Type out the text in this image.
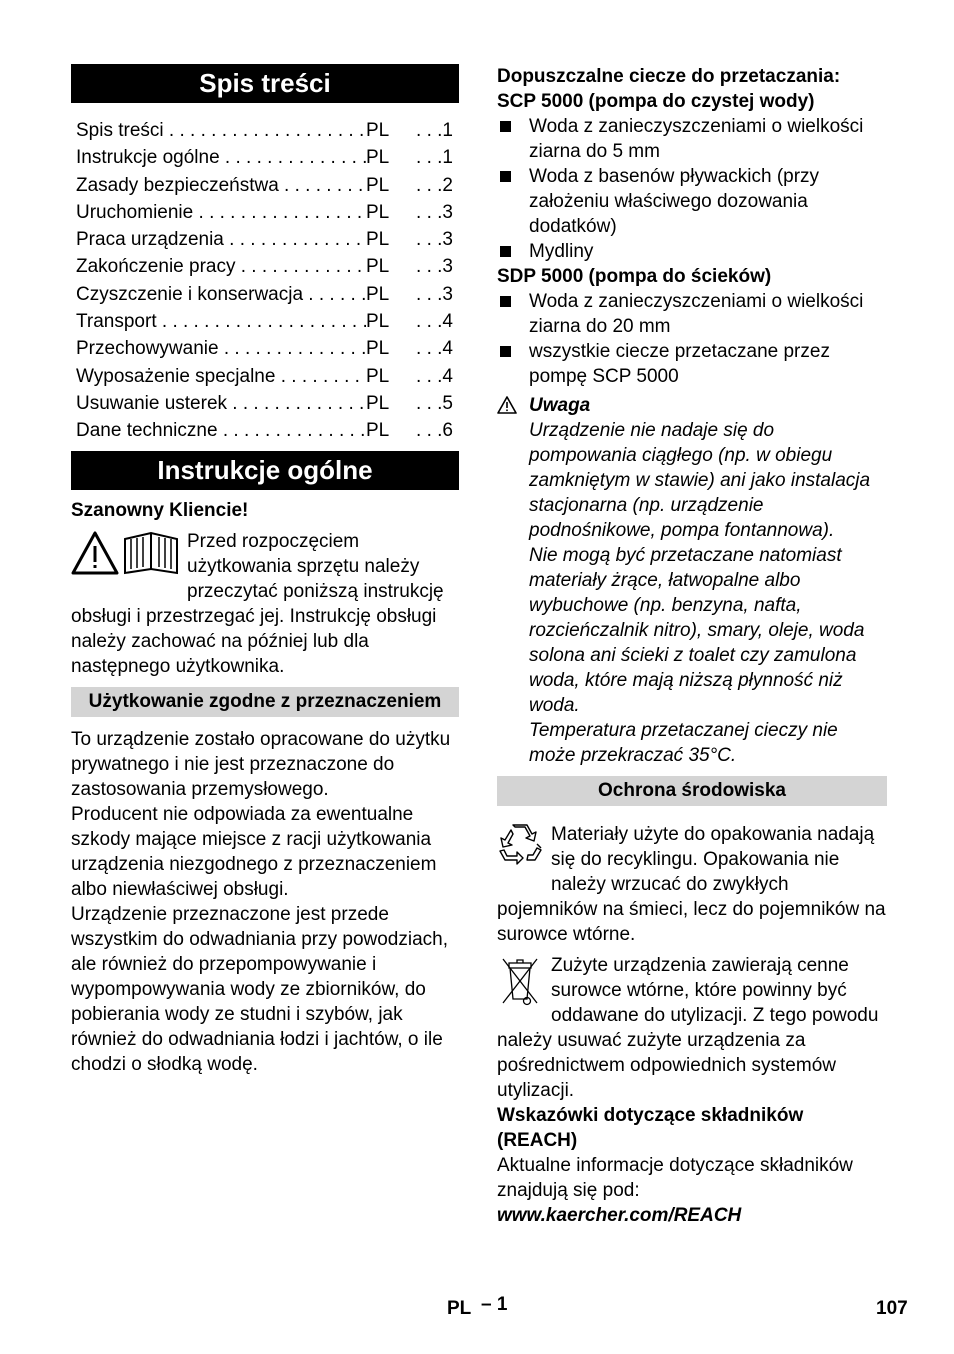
Spis treści
Spis treści . . .	PL	. . . 1
Instrukcje ogólne . . .	PL	. . . 1
Zasady bezpieczeństwa . . .	PL	. . . 2
Uruchomienie . . .	PL	. . . 3
Praca urządzenia . . .	PL	. . . 3
Zakończenie pracy . . .	PL	. . . 3
Czyszczenie i konserwacja . . .	PL	. . . 3
Transport . . .	PL	. . . 4
Przechowywanie . . .	PL	. . . 4
Wyposażenie specjalne . . .	PL	. . . 4
Usuwanie usterek . . .	PL	. . . 5
Dane techniczne . . .	PL	. . . 6
Instrukcje ogólne

Szanowny Kliencie!

Przed rozpoczęciem użytkowania sprzętu należy przeczytać poniższą instrukcję obsługi i przestrzegać jej. Instrukcję obsługi należy zachować na później lub dla następnego użytkownika.

Użytkowanie zgodne z przeznaczeniem

To urządzenie zostało opracowane do użytku prywatnego i nie jest przeznaczone do zastosowania przemysłowego.

Producent nie odpowiada za ewentualne szkody mające miejsce z racji użytkowania urządzenia niezgodnego z przeznaczeniem albo niewłaściwej obsługi.

Urządzenie przeznaczone jest przede wszystkim do odwadniania przy powodziach, ale również do przepompowywanie i wypompowywania wody ze zbiorników, do pobierania wody ze studni i szybów, jak również do odwadniania łodzi i jachtów, o ile chodzi o słodką wodę.

Dopuszczalne ciecze do przetaczania:

SCP 5000 (pompa do czystej wody)

Woda z zanieczyszczeniami o wielkości ziarna do 5 mm
Woda z basenów pływackich (przy założeniu właściwego dozowania dodatków)
Mydliny

SDP 5000 (pompa do ścieków)

Woda z zanieczyszczeniami o wielkości ziarna do 20 mm
wszystkie ciecze przetaczane przez pompę SCP 5000

Uwaga

Urządzenie nie nadaje się do pompowania ciągłego (np. w obiegu zamkniętym w stawie) ani jako instalacja stacjonarna (np. urządzenie podnośnikowe, pompa fontannowa).

Nie mogą być przetaczane natomiast materiały żrące, łatwopalne albo wybuchowe (np. benzyna, nafta, rozcieńczalnik nitro), smary, oleje, woda solona ani ścieki z toalet czy zamulona woda, które mają niższą płynność niż woda.

Temperatura przetaczanej cieczy nie może przekraczać 35°C.

Ochrona środowiska

Materiały użyte do opakowania nadają się do recyklingu. Opakowania nie należy wrzucać do zwykłych pojemników na śmieci, lecz do pojemników na surowce wtórne.

Zużyte urządzenia zawierają cenne surowce wtórne, które powinny być oddawane do utylizacji. Z tego powodu należy usuwać zużyte urządzenia za pośrednictwem odpowiednich systemów utylizacji.

Wskazówki dotyczące składników (REACH)

Aktualne informacje dotyczące składników znajdują się pod:

www.kaercher.com/REACH

PL – 1	107
